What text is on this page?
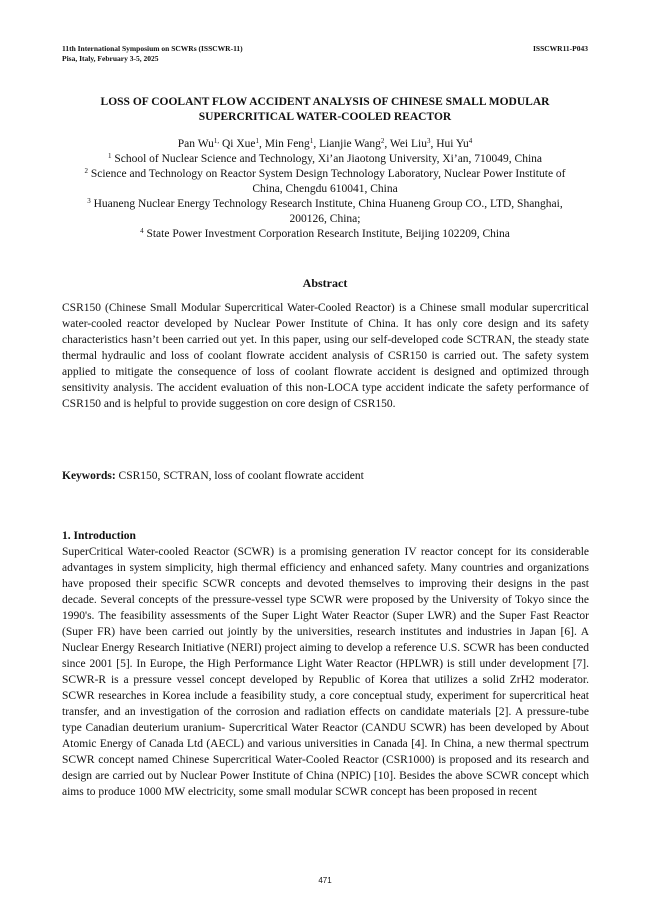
11th International Symposium on SCWRs (ISSCWR-11)
Pisa, Italy, February 3-5, 2025
ISSCWR11-P043
LOSS OF COOLANT FLOW ACCIDENT ANALYSIS OF CHINESE SMALL MODULAR
SUPERCRITICAL WATER-COOLED REACTOR
Pan $Wu^{1,}$ Qi Xue$^1$, Min Feng$^1$, Lianjie Wang$^2$, Wei Liu$^3$, Hui Yu$^4$
$^1$ School of Nuclear Science and Technology, Xi’an Jiaotong University, Xi’an, 710049, China
$^2$ Science and Technology on Reactor System Design Technology Laboratory, Nuclear Power Institute of China, Chengdu 610041, China
$^3$ Huaneng Nuclear Energy Technology Research Institute, China Huaneng Group CO., LTD, Shanghai, 200126, China;
$^4$ State Power Investment Corporation Research Institute, Beijing 102209, China
Abstract
CSR150 (Chinese Small Modular Supercritical Water-Cooled Reactor) is a Chinese small modular supercritical water-cooled reactor developed by Nuclear Power Institute of China. It has only core design and its safety characteristics hasn’t been carried out yet. In this paper, using our self-developed code SCTRAN, the steady state thermal hydraulic and loss of coolant flowrate accident analysis of CSR150 is carried out. The safety system applied to mitigate the consequence of loss of coolant flowrate accident is designed and optimized through sensitivity analysis. The accident evaluation of this non-LOCA type accident indicate the safety performance of CSR150 and is helpful to provide suggestion on core design of CSR150.
Keywords: CSR150, SCTRAN, loss of coolant flowrate accident
1. Introduction
SuperCritical Water-cooled Reactor (SCWR) is a promising generation IV reactor concept for its considerable advantages in system simplicity, high thermal efficiency and enhanced safety. Many countries and organizations have proposed their specific SCWR concepts and devoted themselves to improving their designs in the past decade. Several concepts of the pressure-vessel type SCWR were proposed by the University of Tokyo since the 1990's. The feasibility assessments of the Super Light Water Reactor (Super LWR) and the Super Fast Reactor (Super FR) have been carried out jointly by the universities, research institutes and industries in Japan [6]. A Nuclear Energy Research Initiative (NERI) project aiming to develop a reference U.S. SCWR has been conducted since 2001 [5]. In Europe, the High Performance Light Water Reactor (HPLWR) is still under development [7]. SCWR-R is a pressure vessel concept developed by Republic of Korea that utilizes a solid ZrH2 moderator. SCWR researches in Korea include a feasibility study, a core conceptual study, experiment for supercritical heat transfer, and an investigation of the corrosion and radiation effects on candidate materials [2]. A pressure-tube type Canadian deuterium uranium- Supercritical Water Reactor (CANDU SCWR) has been developed by About Atomic Energy of Canada Ltd (AECL) and various universities in Canada [4]. In China, a new thermal spectrum SCWR concept named Chinese Supercritical Water-Cooled Reactor (CSR1000) is proposed and its research and design are carried out by Nuclear Power Institute of China (NPIC) [10]. Besides the above SCWR concept which aims to produce 1000 MW electricity, some small modular SCWR concept has been proposed in recent
471
